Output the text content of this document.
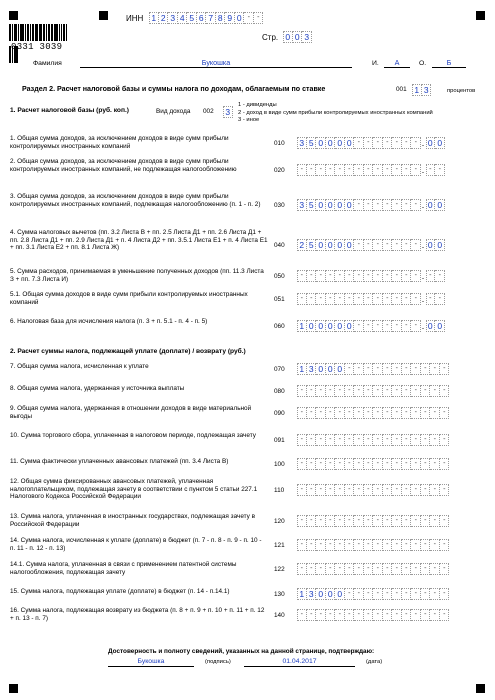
0331 3039
ИНН 1 2 3 4 5 6 7 8 9 0 -	-
Стр. 0 0 3
Фамилия	Букошка	И.	А	О.	Б
Раздел 2. Расчет налоговой базы и суммы налога по доходам, облагаемым по ставке	001 1 3	процентов
1. Расчет налоговой базы (руб. коп.)	Вид дохода 002 3
1 - дивиденды
2 - доход в виде сумм прибыли контролируемых иностранных компаний
3 - иное
1. Общая сумма доходов, за исключением доходов в виде сумм прибыли контролируемых иностранных компаний	010 3 5 0 0 0 0 -	-	-	-	-	-	- . 0 0
2. Общая сумма доходов, за исключением доходов в виде сумм прибыли контролируемых иностранных компаний, не подлежащая налогообложению	020	-	-	-	-	-	-	-	-	-	-	-	-	- . -	-
3. Общая сумма доходов, за исключением доходов в виде сумм прибыли контролируемых иностранных компаний, подлежащая налогообложению (п. 1 - п. 2)	030 3 5 0 0 0 0 -	-	-	-	-	-	- . 0 0
4. Сумма налоговых вычетов (пп. 3.2 Листа В + пп. 2.5 Листа Д1 + пп. 2.6 Листа Д1 + пп. 2.8 Листа Д1 + пп. 2.9 Листа Д1 + п. 4 Листа Д2 + пп. 3.5.1 Листа Е1 + п. 4 Листа Е1 + пп. 3.1 Листа Е2 + пп. 8.1 Листа Ж)	040 2 5 0 0 0 0 -	-	-	-	-	-	- . 0 0
5. Сумма расходов, принимаемая в уменьшение полученных доходов (пп. 11.3 Листа З + пп. 7.3 Листа И)	050	-	-	-	-	-	-	-	-	-	-	-	-	- . -	-
5.1. Общая сумма доходов в виде сумм прибыли контролируемых иностранных компаний	051	-	-	-	-	-	-	-	-	-	-	-	-	- . -	-
6. Налоговая база для исчисления налога (п. 3 + п. 5.1 - п. 4 - п. 5)
060 1 0 0 0 0 0 -	-	-	-	-	-	- . 0 0
2. Расчет суммы налога, подлежащей уплате (доплате) / возврату (руб.)
7. Общая сумма налога, исчисленная к уплате	070 1 3 0 0 0 -	-	-	-	-	-	-	-	-	-	-
8. Общая сумма налога, удержанная у источника выплаты	080	-	-	-	-	-	-	-	-	-	-	-	-	-	-	-	-
9. Общая сумма налога, удержанная в отношении доходов в виде материальной выгоды	090	-	-	-	-	-	-	-	-	-	-	-	-	-	-	-	-
10. Сумма торгового сбора, уплаченная в налоговом периоде, подлежащая зачету
091	-	-	-	-	-	-	-	-	-	-	-	-	-	-	-	-
11. Сумма фактически уплаченных авансовых платежей (пп. 3.4 Листа В)	100	-	-	-	-	-	-	-	-	-	-	-	-	-	-	-	-
12. Общая сумма фиксированных авансовых платежей, уплаченная налогоплательщиком, подлежащая зачету в соответствии с пунктом 5 статьи 227.1 Налогового Кодекса Российской Федерации
110	-	-	-	-	-	-	-	-	-	-	-	-	-	-	-	-
13. Сумма налога, уплаченная в иностранных государствах, подлежащая зачету в Российской Федерации	120	-	-	-	-	-	-	-	-	-	-	-	-	-	-	-	-
14. Сумма налога, исчисленная к уплате (доплате) в бюджет (п. 7 - п. 8 - п. 9 - п. 10 - п. 11 - п. 12 - п. 13)	121	-	-	-	-	-	-	-	-	-	-	-	-	-	-	-	-
14.1. Сумма налога, уплаченная в связи с применением патентной системы налогообложения, подлежащая зачету	122	-	-	-	-	-	-	-	-	-	-	-	-	-	-	-	-
15. Сумма налога, подлежащая уплате (доплате) в бюджет (п. 14 - п.14.1)	130 1 3 0 0 0 -	-	-	-	-	-	-	-	-	-	-
16. Сумма налога, подлежащая возврату из бюджета (п. 8 + п. 9 + п. 10 + п. 11 + п. 12 + п. 13 - п. 7)	140	-	-	-	-	-	-	-	-	-	-	-	-	-	-	-	-
Достоверность и полноту сведений, указанных на данной странице, подтверждаю:
Букошка	(подпись)	01.04.2017	(дата)
